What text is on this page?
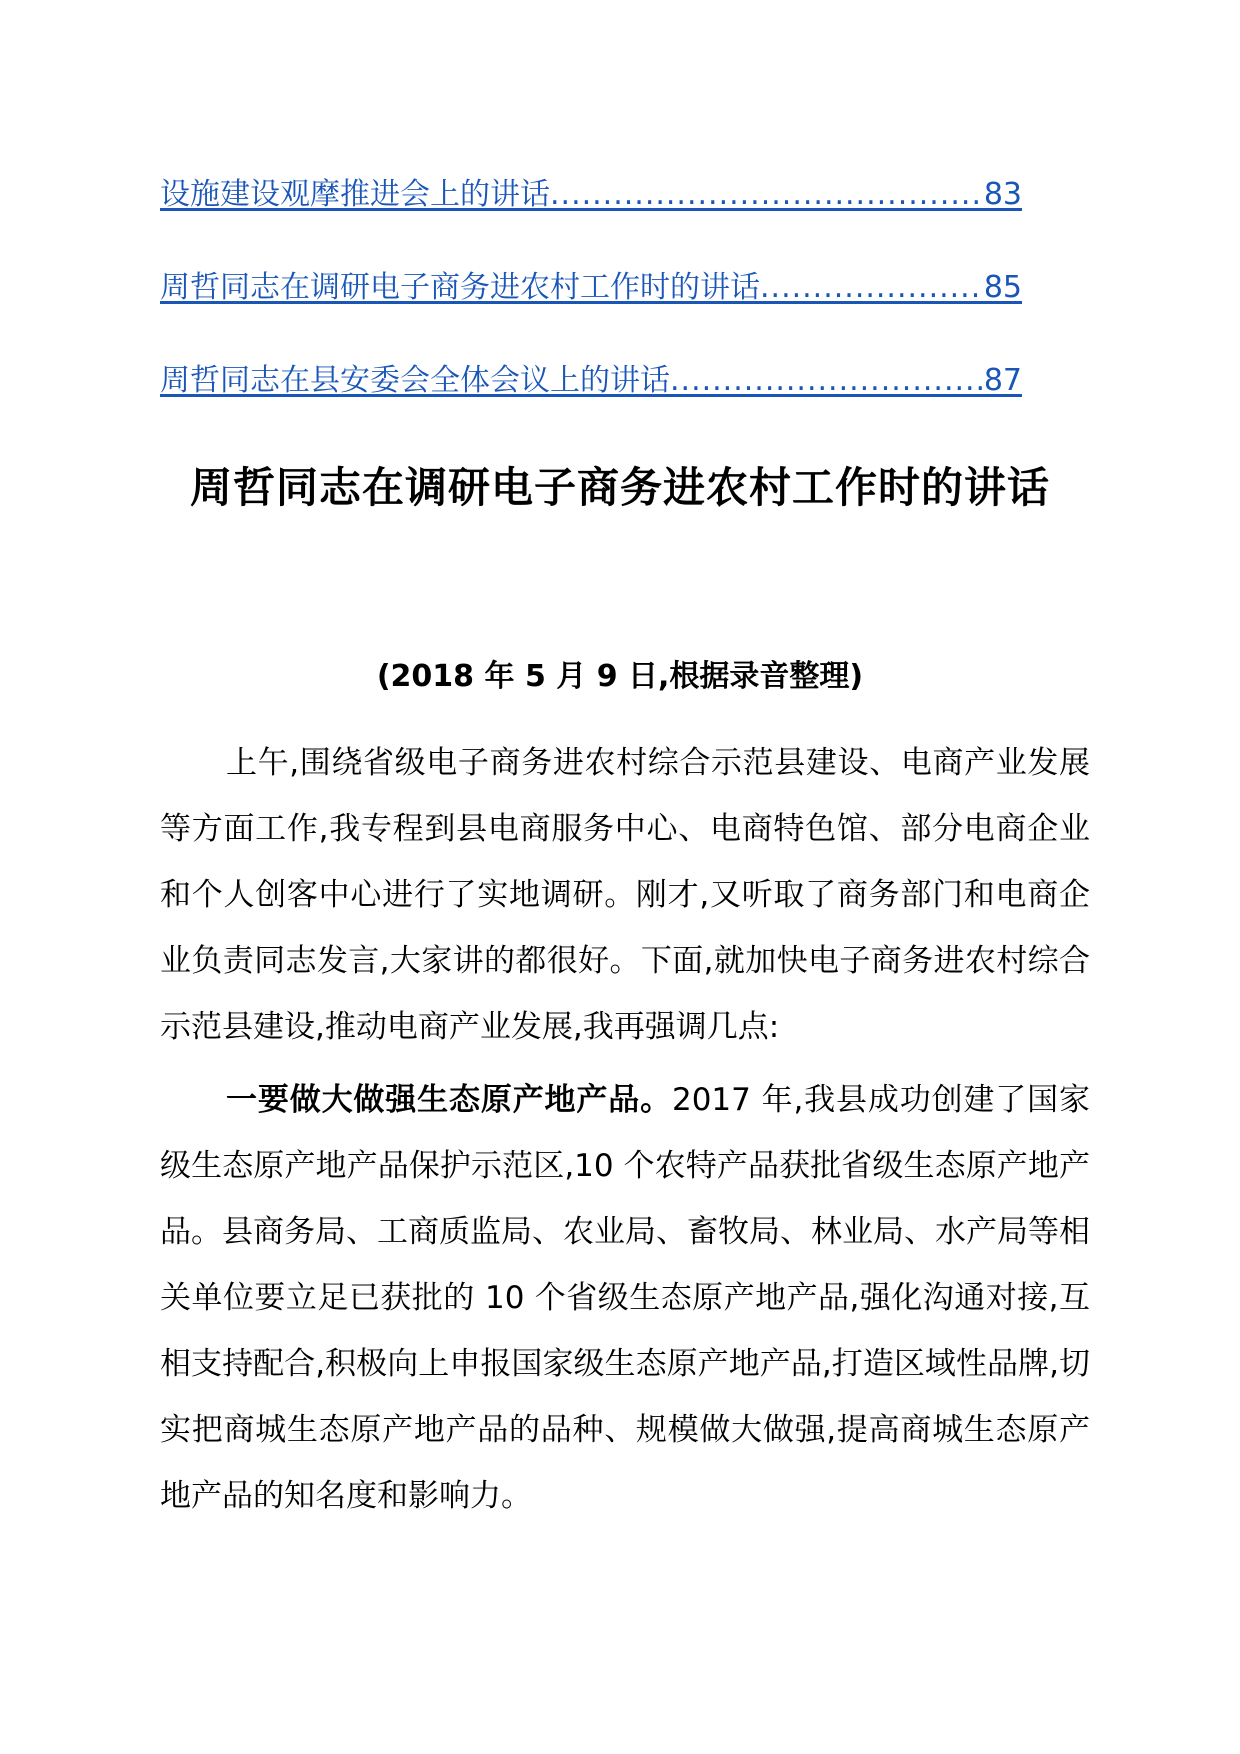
设施建设观摩推进会上的讲话 .....	83
周哲同志在调研电子商务进农村工作时的讲话 .....	85
周哲同志在县安委会全体会议上的讲话 .....	87
周哲同志在调研电子商务进农村工作时的讲话
(2018 年 5 月 9 日,根据录音整理)

上午,围绕省级电子商务进农村综合示范县建设、电商产业发展等方面工作,我专程到县电商服务中心、电商特色馆、部分电商企业和个人创客中心进行了实地调研。刚才,又听取了商务部门和电商企业负责同志发言,大家讲的都很好。下面,就加快电子商务进农村综合示范县建设,推动电商产业发展,我再强调几点:

一要做大做强生态原产地产品。2017 年,我县成功创建了国家级生态原产地产品保护示范区,10 个农特产品获批省级生态原产地产品。县商务局、工商质监局、农业局、畜牧局、林业局、水产局等相关单位要立足已获批的 10 个省级生态原产地产品,强化沟通对接,互相支持配合,积极向上申报国家级生态原产地产品,打造区域性品牌,切实把商城生态原产地产品的品种、规模做大做强,提高商城生态原产地产品的知名度和影响力。
